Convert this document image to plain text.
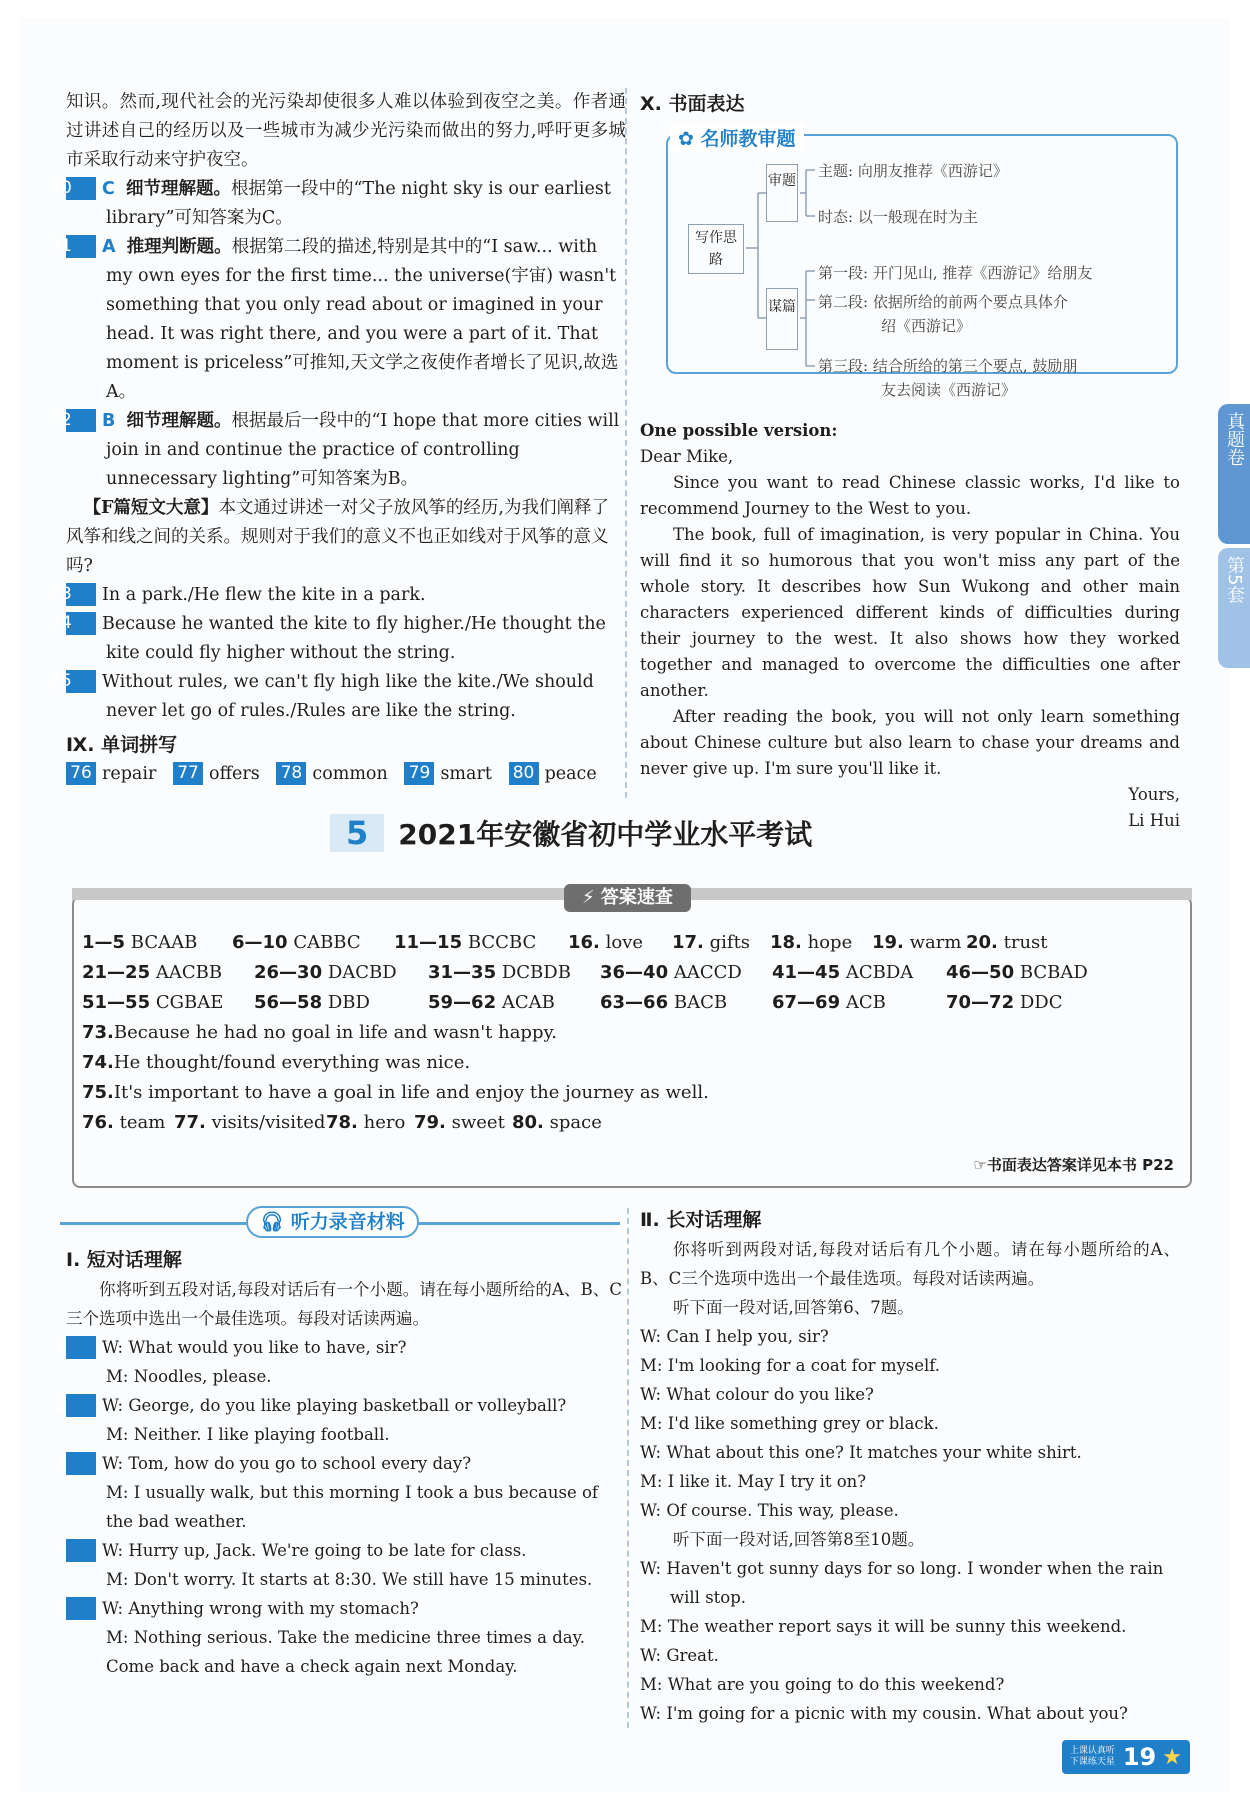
知识。然而,现代社会的光污染却使很多人难以体验到夜空之美。作者通过讲述自己的经历以及一些城市为减少光污染而做出的努力,呼吁更多城市采取行动来守护夜空。
70 C 细节理解题。根据第一段中的“The night sky is our earliest library”可知答案为C。
71 A 推理判断题。根据第二段的描述,特别是其中的“I saw... with my own eyes for the first time... the universe(宇宙) wasn't something that you only read about or imagined in your head. It was right there, and you were a part of it. That moment is priceless”可推知,天文学之夜使作者增长了见识,故选A。
72 B 细节理解题。根据最后一段中的“I hope that more cities will join in and continue the practice of controlling unnecessary lighting”可知答案为B。
【F篇短文大意】本文通过讲述一对父子放风筝的经历,为我们阐释了风筝和线之间的关系。规则对于我们的意义不也正如线对于风筝的意义吗?
73 In a park./He flew the kite in a park.
74 Because he wanted the kite to fly higher./He thought the kite could fly higher without the string.
75 Without rules, we can't fly high like the kite./We should never let go of rules./Rules are like the string.
Ⅸ. 单词拼写
76 repair 77 offers 78 common 79 smart 80 peace
Ⅹ. 书面表达
✿ 名师教审题
写作思路
审题
谋篇
主题: 向朋友推荐《西游记》
时态: 以一般现在时为主
第一段: 开门见山, 推荐《西游记》给朋友
第二段: 依据所给的前两个要点具体介
绍《西游记》
第三段: 结合所给的第三个要点, 鼓励朋
友去阅读《西游记》
One possible version:
Dear Mike,
Since you want to read Chinese classic works, I'd like to recommend Journey to the West to you.
The book, full of imagination, is very popular in China. You will find it so humorous that you won't miss any part of the whole story. It describes how Sun Wukong and other main characters experienced different kinds of difficulties during their journey to the west. It also shows how they worked together and managed to overcome the difficulties one after another.
After reading the book, you will not only learn something about Chinese culture but also learn to chase your dreams and never give up. I'm sure you'll like it.
Yours,
Li Hui
真题卷
第5套
5	2021年安徽省初中学业水平考试
⚡ 答案速查
1—5 BCAAB 6—10 CABBC 11—15 BCCBC 16. love 17. gifts 18. hope 19. warm 20. trust
21—25 AACBB 26—30 DACBD 31—35 DCBDB 36—40 AACCD 41—45 ACBDA 46—50 BCBAD
51—55 CGBAE 56—58 DBD	59—62 ACAB	63—66 BACB 67—69 ACB	70—72 DDC
73. Because he had no goal in life and wasn't happy.
74. He thought/found everything was nice.
75. It's important to have a goal in life and enjoy the journey as well.
76. team 77. visits/visited 78. hero 79. sweet 80. space
☞书面表达答案详见本书 P22
🎧︎ 听力录音材料
Ⅰ. 短对话理解
你将听到五段对话,每段对话后有一个小题。请在每小题所给的A、B、C三个选项中选出一个最佳选项。每段对话读两遍。
1 W: What would you like to have, sir?
M: Noodles, please.
2 W: George, do you like playing basketball or volleyball?
M: Neither. I like playing football.
3 W: Tom, how do you go to school every day?
M: I usually walk, but this morning I took a bus because of the bad weather.
4 W: Hurry up, Jack. We're going to be late for class.
M: Don't worry. It starts at 8:30. We still have 15 minutes.
5 W: Anything wrong with my stomach?
M: Nothing serious. Take the medicine three times a day. Come back and have a check again next Monday.
Ⅱ. 长对话理解
你将听到两段对话,每段对话后有几个小题。请在每小题所给的A、B、C三个选项中选出一个最佳选项。每段对话读两遍。
听下面一段对话,回答第6、7题。
W: Can I help you, sir?
M: I'm looking for a coat for myself.
W: What colour do you like?
M: I'd like something grey or black.
W: What about this one? It matches your white shirt.
M: I like it. May I try it on?
W: Of course. This way, please.
听下面一段对话,回答第8至10题。
W: Haven't got sunny days for so long. I wonder when the rain will stop.
M: The weather report says it will be sunny this weekend.
W: Great.
M: What are you going to do this weekend?
W: I'm going for a picnic with my cousin. What about you?
上课认真听
下课练天星 19 ★
